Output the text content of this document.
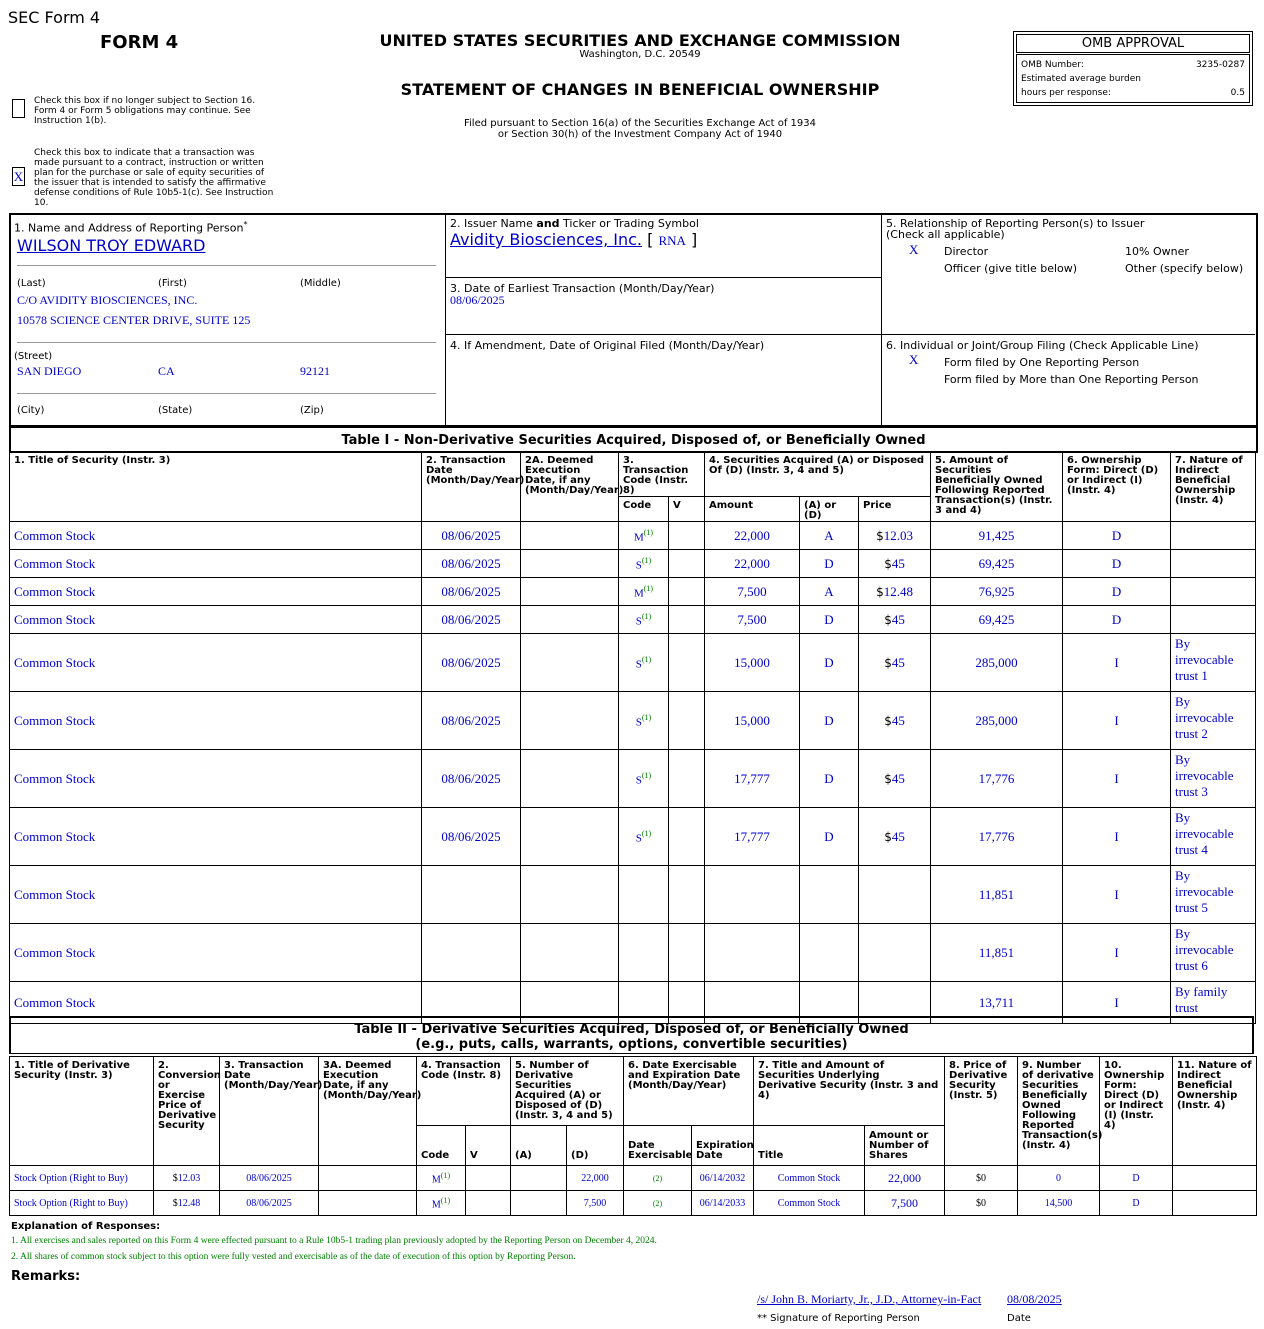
SEC Form 4
FORM 4	UNITED STATES SECURITIES AND EXCHANGE COMMISSION
Washington, D.C. 20549
STATEMENT OF CHANGES IN BENEFICIAL OWNERSHIP
Filed pursuant to Section 16(a) of the Securities Exchange Act of 1934
or Section 30(h) of the Investment Company Act of 1940
Check this box if no longer subject to Section 16. Form 4 or Form 5 obligations may continue. See Instruction 1(b).
X
Check this box to indicate that a transaction was made pursuant to a contract, instruction or written plan for the purchase or sale of equity securities of the issuer that is intended to satisfy the affirmative defense conditions of Rule 10b5-1(c). See Instruction 10.
OMB APPROVAL
OMB Number:	3235-0287
Estimated average burden
hours per response:	0.5
1. Name and Address of Reporting Person*
WILSON TROY EDWARD
(Last)	(First)	(Middle)
C/O AVIDITY BIOSCIENCES, INC.
10578 SCIENCE CENTER DRIVE, SUITE 125
(Street)
SAN DIEGO	CA	92121
(City)	(State)	(Zip)
2. Issuer Name and Ticker or Trading Symbol
Avidity Biosciences, Inc. [ RNA ]
3. Date of Earliest Transaction (Month/Day/Year)
08/06/2025
4. If Amendment, Date of Original Filed (Month/Day/Year)
5. Relationship of Reporting Person(s) to Issuer
(Check all applicable)
X Director	10% Owner
Officer (give title below)	Other (specify below)
6. Individual or Joint/Group Filing (Check Applicable Line)
X Form filed by One Reporting Person
Form filed by More than One Reporting Person
Table I - Non-Derivative Securities Acquired, Disposed of, or Beneficially Owned
1. Title of Security (Instr. 3)	2. Transaction Date (Month/Day/Year)	2A. Deemed Execution Date, if any (Month/Day/Year)	3. Transaction Code (Instr. 8)		4. Securities Acquired (A) or Disposed Of (D) (Instr. 3, 4 and 5)			5. Amount of Securities Beneficially Owned Following Reported Transaction(s) (Instr. 3 and 4)	6. Ownership Form: Direct (D) or Indirect (I) (Instr. 4)	7. Nature of Indirect Beneficial Ownership (Instr. 4)
			Code	V	Amount	(A) or (D)	Price			
Common Stock	08/06/2025		$M^{(1)}$		22,000	A	$12.03	91,425	D	
Common Stock	08/06/2025		$S^{(1)}$		22,000	D	$45	69,425	D	
Common Stock	08/06/2025		$M^{(1)}$		7,500	A	$12.48	76,925	D	
Common Stock	08/06/2025		$S^{(1)}$		7,500	D	$45	69,425	D	
Common Stock	08/06/2025		$S^{(1)}$		15,000	D	$45	285,000	I	By irrevocable trust 1
Common Stock	08/06/2025		$S^{(1)}$		15,000	D	$45	285,000	I	By irrevocable trust 2
Common Stock	08/06/2025		$S^{(1)}$		17,777	D	$45	17,776	I	By irrevocable trust 3
Common Stock	08/06/2025		$S^{(1)}$		17,777	D	$45	17,776	I	By irrevocable trust 4
Common Stock								11,851	I	By irrevocable trust 5
Common Stock								11,851	I	By irrevocable trust 6
Common Stock								13,711	I	By family trust
Table II - Derivative Securities Acquired, Disposed of, or Beneficially Owned
(e.g., puts, calls, warrants, options, convertible securities)
1. Title of Derivative Security (Instr. 3)	2. Conversion or Exercise Price of Derivative Security	3. Transaction Date (Month/Day/Year)	3A. Deemed Execution Date, if any (Month/Day/Year)	4. Transaction Code (Instr. 8)		5. Number of Derivative Securities Acquired (A) or Disposed of (D) (Instr. 3, 4 and 5)		6. Date Exercisable and Expiration Date (Month/Day/Year)		7. Title and Amount of Securities Underlying Derivative Security (Instr. 3 and 4)		8. Price of Derivative Security (Instr. 5)	9. Number of derivative Securities Beneficially Owned Following Reported Transaction(s) (Instr. 4)	10. Ownership Form: Direct (D) or Indirect (I) (Instr. 4)	11. Nature of Indirect Beneficial Ownership (Instr. 4)
				Code	V	(A)	(D)	Date Exercisable	Expiration Date	Title	Amount or Number of Shares				
Stock Option (Right to Buy)	$12.03	08/06/2025		$M^{(1)}$			22,000	(2)	06/14/2032	Common Stock	22,000	$0	0	D	
Stock Option (Right to Buy)	$12.48	08/06/2025		$M^{(1)}$			7,500	(2)	06/14/2033	Common Stock	7,500	$0	14,500	D	
Explanation of Responses:
1. All exercises and sales reported on this Form 4 were effected pursuant to a Rule 10b5-1 trading plan previously adopted by the Reporting Person on December 4, 2024.
2. All shares of common stock subject to this option were fully vested and exercisable as of the date of execution of this option by Reporting Person.
Remarks:
/s/ John B. Moriarty, Jr., J.D., Attorney-in-Fact 08/08/2025
** Signature of Reporting Person	Date
